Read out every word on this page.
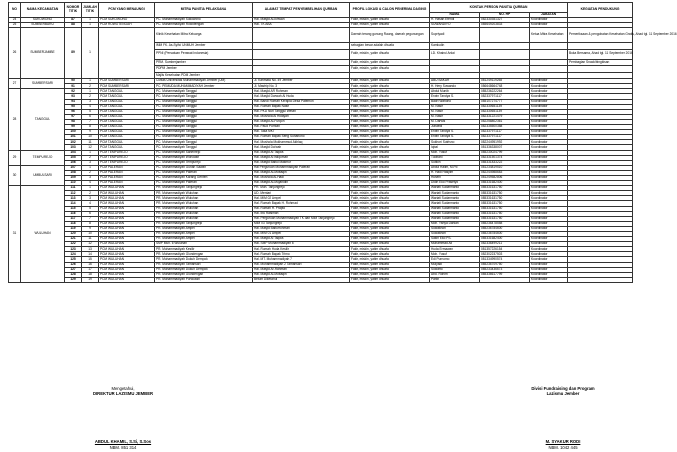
NO	NAMA KECAMATAN	NOMOR TITIK	JUMLAH TITIK	PCM YANG MENAUNGI	MITRA PANITIA PELAKSANA	ALAMAT TEMPAT PENYEMBELIHAN QURBAN	PROFIL LOKASI & CALON PENERIMA DAGING	KONTAK PERSON PANITIA QURBAN			KEGIATAN PENDUKUNG
								NAMA	NO. HP	JABATAN	
24	SUKOWONO	87	1	PCM SUKOWONO	PC. Muhammadiyah Sukowono	Hal. Masjid Al-Ikhwan	Fakir, miskin, yatim dhuafa	H. Hasan Efendi	082330351327	Koordinator	
25	SUMBERBARU	88	1	PCM ROWOTENGAH	PC. Muhammadiyah Rowotengah	Hal. TK ABA	Fakir, miskin, yatim dhuafa	SUWANDIYO	085649203833	Koordinator	
26	SUMBERJAMBE	89	1		Klinik Kesehatan Mitra Keluarga		Daerah terang gunung Raung, daerah pegunungan	Supriyadi		Ketua Mitra Kesehatan	Pemeriksaan & pengobatan Kesehatan Gratis, Ahad tgl. 11 September 2016
					IMM FK. As-Syifa' UNMUH Jember		sebagian besar adalah dhuafa	Kamludin			
					PPNI (Persatuan Perawat Indonesia)		Fakir, miskin, yatim dhuafa	LD. Khairul Anlai			Buka Bersama, Ahad tgl. 11 September 2016
					PRM. Sumberjamber		Fakir, miskin, yatim dhuafa				Pembagian Snack/bingkisan
					PDPM Jember		Fakir, miskin, yatim dhuafa				
					Majlis Kesehatan PDM Jember						
27	SUMBERSARI	90	1	PCM SUMBERSARI	Civitas Universitas Muhammadiyah Jember (UM)	Jl. Karimata No. 49 Jember	Fakir, miskin, yatim dhuafa	ABU BAKAR	081249119258	Koordinator	
		91	2	PCM SUMBERSARI	PC. PEMUDA MUHAMMADIYAH Jember	Jl. Mastrip No. 3	Fakir, miskin, yatim dhuafa	H. Hery Suwando	086648664748	Koordinator	
28	TANGGUL	92	1	PCM TANGGUL	PC. Muhammadiyah Tanggul	Hal. Masjid AR Rohman	Fakir, miskin, yatim dhuafa	Abdul Munib	085236222264	Koordinator	
		93	2	PCM TANGGUL	PC. Muhammadiyah Tanggul	Hal. Masjid Darwah Al Huda	Fakir, miskin, yatim dhuafa	Erwin Tandya S.	082337971117	Koordinator	
		94	3	PCM TANGGUL	PC. Muhammadiyah Tanggul	Hal. Bandi Rumah Kerapia Desa Patemon	Fakir, miskin, yatim dhuafa	Badri Wahono	085107274777	Koordinator	
		95	4	PCM TANGGUL	PC. Muhammadiyah Tanggul	Hal. Rumah Bapak Nasir	Fakir, miskin, yatim dhuafa	M. Nasir	082330651139	Koordinator	
		96	5	PCM TANGGUL	PC. Muhammadiyah Tanggul	Hal. PKU Nuri Tanggul Wetan	Fakir, miskin, yatim dhuafa	M. Nasir	082330651139	Koordinator	
		97	6	PCM TANGGUL	PC. Muhammadiyah Tanggul	Hal. Mushola Al Hidayah	Fakir, miskin, yatim dhuafa	M. Nasir	082331221479	Koordinator	
		98	7	PCM TANGGUL	PC. Muhammadiyah Tanggul	Hal. Masjid Al-Furqon	Fakir, miskin, yatim dhuafa	M. Darwis	082258802361	Koordinator	
		99	8	PCM TANGGUL	PC. Muhammadiyah Tanggul	Hal. Paud Purnian	Fakir, miskin, yatim dhuafa	Junaedi	082335500358	Koordinator	
		100	9	PCM TANGGUL	PC. Muhammadiyah Tanggul	Hal. Taka MKT	Fakir, miskin, yatim dhuafa	Erwin Tandya S.	082337971117	Koordinator	
		101	10	PCM TANGGUL	PC. Muhammadiyah Tanggul	Hal. Rumah Bapak Seng Suhariono	Fakir, miskin, yatim dhuafa	Erwin Tandya S.	082337971117	Koordinator	
		102	11	PCM TANGGUL	PC. Muhammadiyah Tanggul	Hal. Mushola Mukhammud Akhlaq	Fakir, miskin, yatim dhuafa	Sukhori Sutrisno	082244951992	Koordinator	
		103	12	PCM TANGGUL	PC. Muhammadiyah Tanggul	Hal. Masjid Da'wah	Fakir, miskin, yatim dhuafa	Iqbal	081336338007	Koordinator	
29	TEMPUREJO	104	1	PCM TEMPUREJO	PC. Muhammadiyah Sanenrejo	Hal. Masjid Al Taqwa	Fakir, miskin, yatim dhuafa	Moh. Yusuf	085230024799	Koordinator	
		105	2	PCM TEMPUREJO	PC. Muhammadiyah Wonoasri	Hal. Masjid Al Istiqomah	Fakir, miskin, yatim dhuafa	Tuobani	082331501374	Koordinator	
		106	3	PCM TEMPUREJO	PC. Muhammadiyah Tempurejo	Hal. Masjid Baitul Makmur	Fakir, miskin, yatim dhuafa	Sutikin	085331833222	Koordinator	
30	UMBULSARI	107	1	PCM PALERAN	PC. Muhammadiyah Gunah Sawah	Hal Perguruan Muhammadiyah Paleran	Fakir, miskin, yatim dhuafa	Abdul Halim, M.Pd	081234819510	Koordinator	
		108	2	PCM PALERAN	PC. Muhammadiyah Paleran	Hal. Masjid Al-Muttaqin	Fakir, miskin, yatim dhuafa	H. Hadi Hasyim	082244988683	Koordinator	
		109	3	PCM PALERAN	PC. Muhammadiyah Karang Genten	Hal. Mushola Al-Hadi	Fakir, miskin, yatim dhuafa	Husein	081249582806	Koordinator	
		110	4	PCM PALERAN	PC. Muhammadiyah Paleran	Hal. Masjid Al-Mujahidin	Fakir, miskin, yatim dhuafa	Didin Eko Prasetyo	085331682400	Koordinator	
31	WULUHAN	111	1	PCM WULUHAN	PR. Muhammadiyah Tanjungrejo	PR. Muh. Tanjungrejo	Fakir, miskin, yatim dhuafa	Wariati Sudarmanto	085331631750	Koordinator	
		112	2	PCM WULUHAN	PR. Muhammadiyah Wuluhan	UD. Mentari	Fakir, miskin, yatim dhuafa	Wariati Sudarmanto	085331631750	Koordinator	
		113	3	PCM WULUHAN	PR. Muhammadiyah Wuluhan	Hal. MIM 02 Ampel	Fakir, miskin, yatim dhuafa	Wariati Sudarmanto	085331631750	Koordinator	
		114	4	PCM WULUHAN	PR. Muhammadiyah Wuluhan	Hal. Rumah Bapak H. Rohmad	Fakir, miskin, yatim dhuafa	Wariati Sudarmanto	085331631750	Koordinator	
		115	5	PCM WULUHAN	PR. Muhammadiyah Wuluhan	Hal. Rumah H. Prapto	Fakir, miskin, yatim dhuafa	Wariati Sudarmanto	085331631750	Koordinator	
		116	6	PCM WULUHAN	PR. Muhammadiyah Wuluhan	Hal. Ibu Rasiman	Fakir, miskin, yatim dhuafa	Wariati Sudarmanto	085331631750	Koordinator	
		117	7	PCM WULUHAN	PR. Muhammadiyah Wuluhan	Hal. Perguruan Muhammadiyah TK dan MIM Tanjungrejo	Fakir, miskin, yatim dhuafa	Wariati Sudarmanto	085331631750	Koordinator	
		118	8	PCM WULUHAN	PR. Muhammadiyah Tanjungrejo	MIM 03 Tanjungrejo	Fakir, miskin, yatim dhuafa	Moh. Yahya Dahlan	085236478558	Koordinator	
		119	9	PCM WULUHAN	PR. Muhammadiyah Ampel	Hal. Masjid Baiturrohman	Fakir, miskin, yatim dhuafa	Suwakhori	085236784600	Koordinator	
		120	10	PCM WULUHAN	PR. Muhammadiyah Ampel	Hal. MIM 01 Ampel	Fakir, miskin, yatim dhuafa	Suwakhori	085236784600	Koordinator	
		121	11	PCM WULUHAN	PR. Muhammadiyah Ampel	Hal. Masjid Al Taqwa	Fakir, miskin, yatim dhuafa	Sakiri Eko PS.	085331682400	Koordinator	
		122	12	PCM WULUHAN	SMP Muh. 6 Wuluhan	Hal. SMP Muhammadiyah 6	Fakir, miskin, yatim dhuafa	Muhammad Ali	082336499211	Koordinator	
		123	13	PCM WULUHAN	PR. Muhammadiyah Kesilir	Hal. Rumah Huda Kesilir	Fakir, miskin, yatim dhuafa	Huda Ermawan	081357226154	Koordinator	
		124	14	PCM WULUHAN	PR. Muhammadiyah Glundengan	Hal. Rumah Bapak Trimo	Fakir, miskin, yatim dhuafa	Moh. Yusuf	082302237503	Koordinator	
		125	15	PCM WULUHAN	PR. Muhammadiyah Dukuh Dempok	Hal. MT. Muhammadiyah 7	Fakir, miskin, yatim dhuafa	Edi Purnomo	081334990574	Koordinator	
		126	16	PCM WULUHAN	PR. Muhammadiyah Tamansari	Hal. Muhammadiyah 2 Tamansari	Fakir, miskin, yatim dhuafa	Mulyadi	085236709750	Koordinator	
		127	17	PCM WULUHAN	PR. Muhammadiyah Dukuh Dempok	Hal. Masjid Ar-Rahman	Fakir, miskin, yatim dhuafa	Suwarto	085233436673	Koordinator	
		128	18	PCM WULUHAN	PR. Muhammadiyah Glundengan	Hal. Masjid Al-Muttaqin	Fakir, miskin, yatim dhuafa	Abd. Rohim	085336617799	Koordinator	
		129	19	PCM WULUHAN	PR. Muhammadiyah Purwoasri	Belum Diketahui	Fakir, miskin, yatim dhuafa	Parlin		Koordinator	
Mengetahui,
DIREKTUR LAZISMU JEMBER
ABDUL KHAMIL, S.Si, S.Sos
NBM. 851 314
Divisi Fundraising dan Program
Lazismu Jember
M. SYAKUR RODI
NBM. 1042 445
